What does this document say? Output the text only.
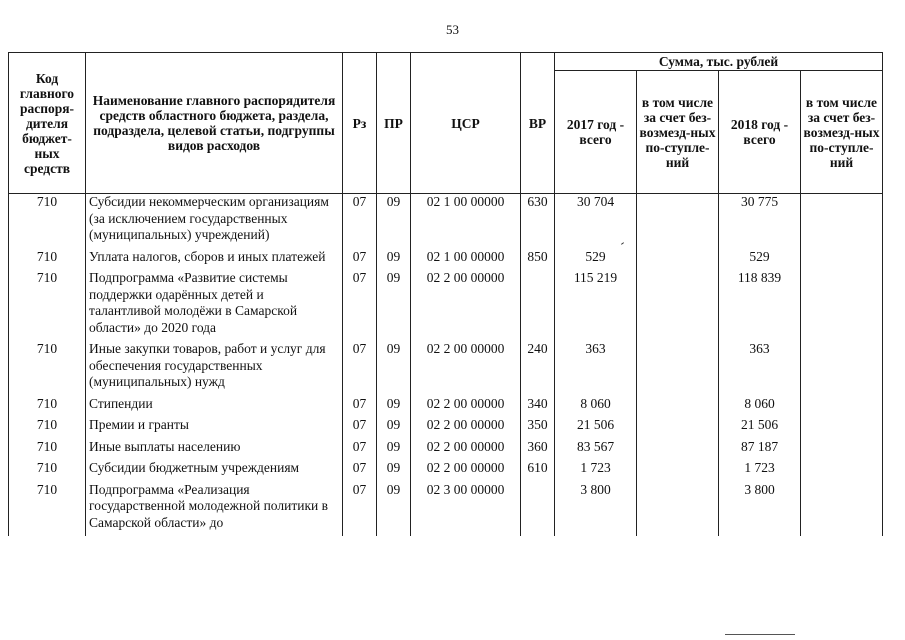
53
Код главного распоря-дителя бюджет-ных средств	Наименование главного распорядителя средств областного бюджета, раздела, подраздела, целевой статьи, подгруппы видов расходов	Рз	ПР	ЦСР	ВР	Сумма, тыс. рублей			
						2017 год - всего	в том числе за счет без-возмезд-ных по-ступле-ний	2018 год - всего	в том числе за счет без-возмезд-ных по-ступле-ний
710	Субсидии некоммерческим организациям (за исключением государственных (муниципальных) учреждений)	07	09	02 1 00 00000	630	30 704		30 775	
710	Уплата налогов, сборов и иных платежей	07	09	02 1 00 00000	850	529		529	
710	Подпрограмма «Развитие системы поддержки одарённых детей и талантливой молодёжи в Самарской области» до 2020 года	07	09	02 2 00 00000		115 219		118 839	
710	Иные закупки товаров, работ и услуг для обеспечения государственных (муниципальных) нужд	07	09	02 2 00 00000	240	363		363	
710	Стипендии	07	09	02 2 00 00000	340	8 060		8 060	
710	Премии и гранты	07	09	02 2 00 00000	350	21 506		21 506	
710	Иные выплаты населению	07	09	02 2 00 00000	360	83 567		87 187	
710	Субсидии бюджетным учреждениям	07	09	02 2 00 00000	610	1 723		1 723	
710	Подпрограмма «Реализация государственной молодежной политики в Самарской области» до	07	09	02 3 00 00000		3 800		3 800	
